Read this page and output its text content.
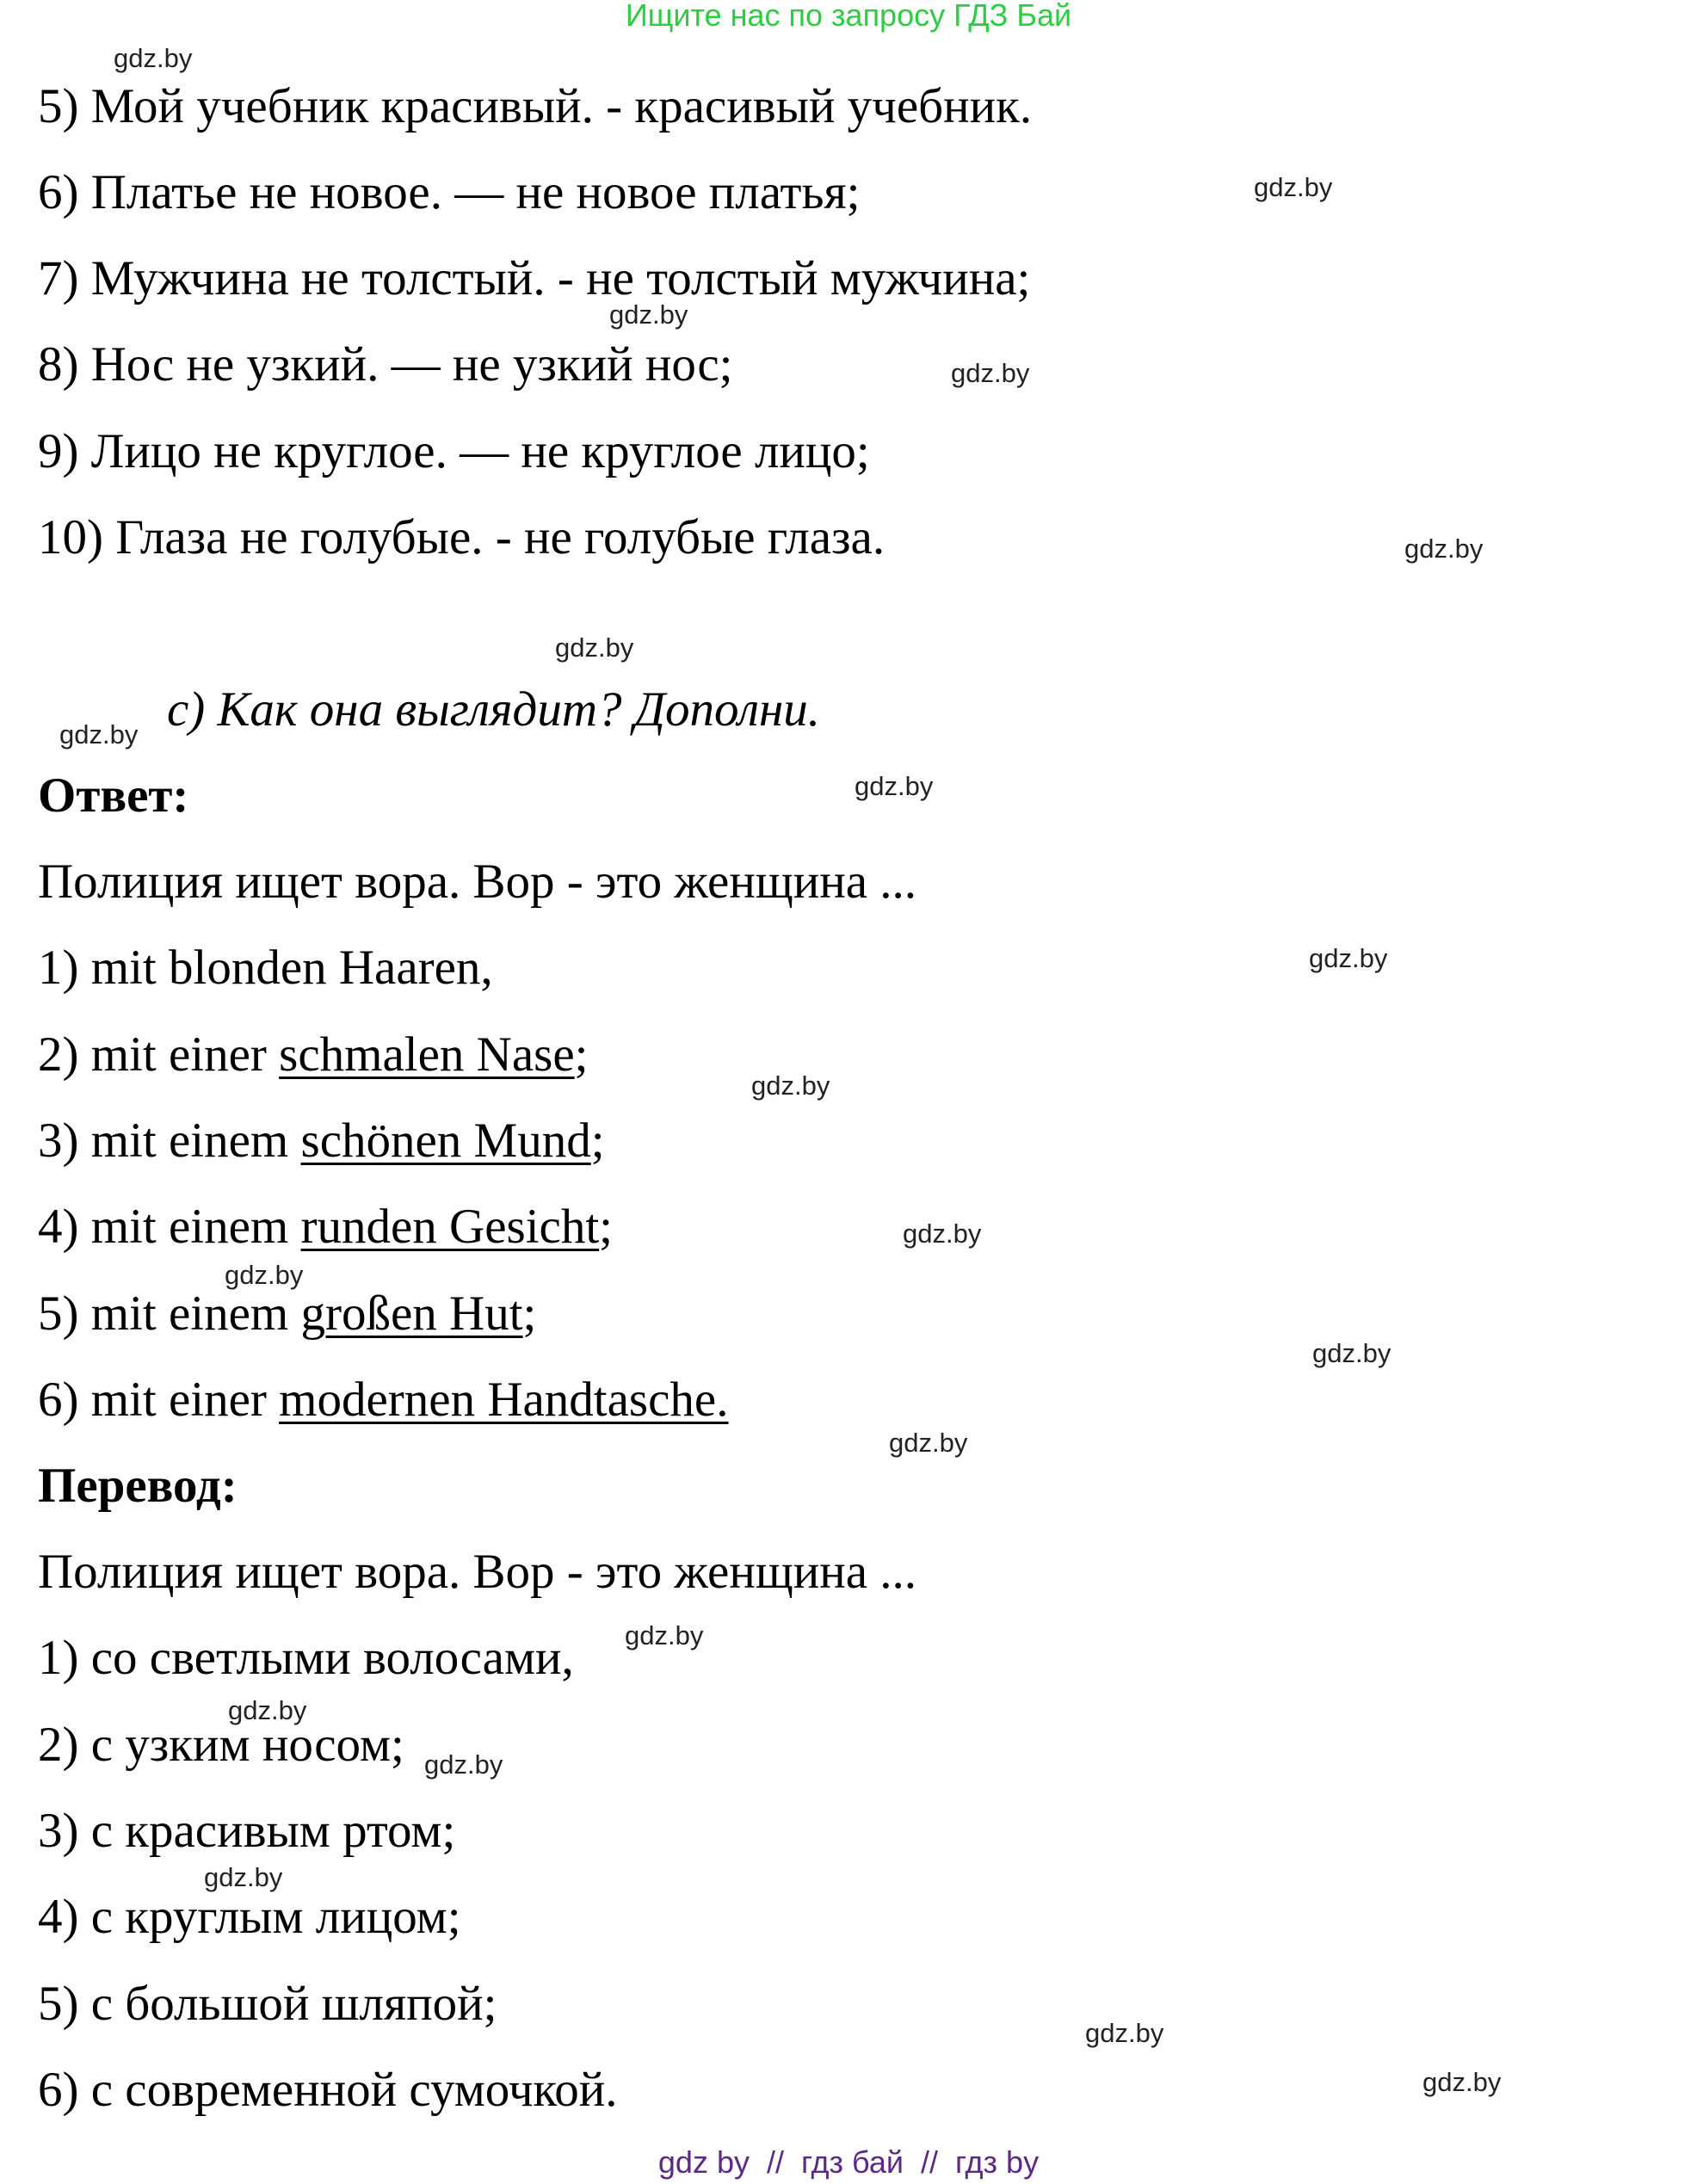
Ищите нас по запросу ГДЗ Бай

5) Мой учебник красивый. - красивый учебник.

6) Платье не новое. — не новое платья;

7) Мужчина не толстый. - не толстый мужчина;

8) Нос не узкий. — не узкий нос;

9) Лицо не круглое. — не круглое лицо;

10) Глаза не голубые. - не голубые глаза.

c) Как она выглядит? Дополни.

Ответ:

Полиция ищет вора. Вор - это женщина ...

1) mit blonden Haaren,

2) mit einer schmalen Nase;

3) mit einem schönen Mund;

4) mit einem runden Gesicht;

5) mit einem großen Hut;

6) mit einer modernen Handtasche.

Перевод:

Полиция ищет вора. Вор - это женщина ...

1) со светлыми волосами,

2) с узким носом;

3) с красивым ртом;

4) с круглым лицом;

5) с большой шляпой;

6) с современной сумочкой.

gdz.by
gdz.by
gdz.by
gdz.by
gdz.by
gdz.by
gdz.by
gdz.by
gdz.by
gdz.by
gdz.by
gdz.by
gdz.by
gdz.by
gdz.by
gdz.by
gdz.by
gdz.by
gdz.by
gdz.by
gdz by // гдз бай // гдз by
